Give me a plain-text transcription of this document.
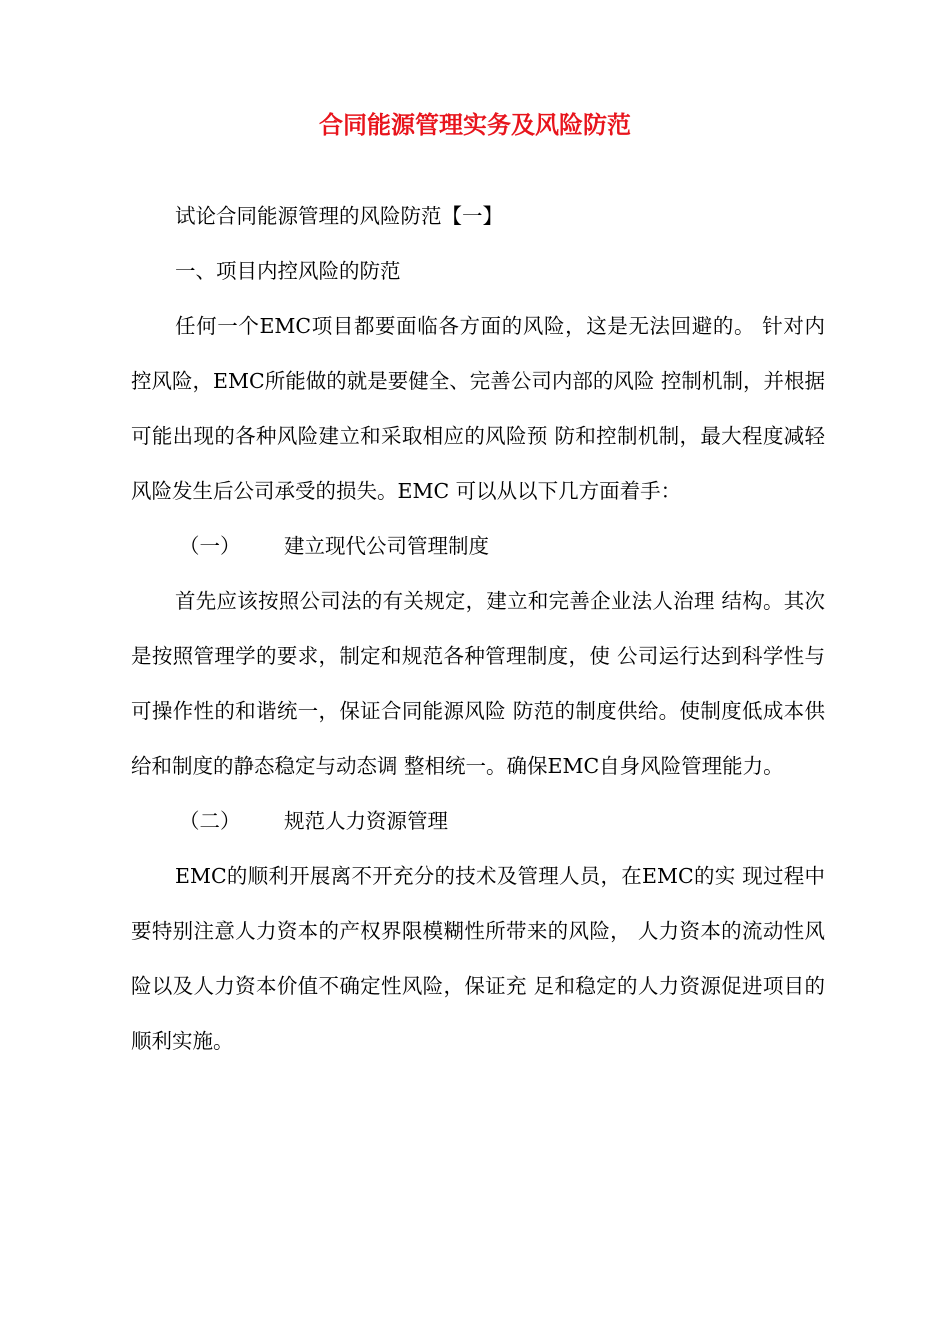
合同能源管理实务及风险防范

试论合同能源管理的风险防范【一】

一、项目内控风险的防范

任何一个EMC项目都要面临各方面的风险，这是无法回避的。 针对内控风险，EMC所能做的就是要健全、完善公司内部的风险 控制机制，并根据可能出现的各种风险建立和采取相应的风险预 防和控制机制，最大程度减轻风险发生后公司承受的损失。EMC 可以从以下几方面着手：

（一） 建立现代公司管理制度

首先应该按照公司法的有关规定，建立和完善企业法人治理 结构。其次是按照管理学的要求，制定和规范各种管理制度，使 公司运行达到科学性与可操作性的和谐统一，保证合同能源风险 防范的制度供给。使制度低成本供给和制度的静态稳定与动态调 整相统一。确保EMC自身风险管理能力。

（二） 规范人力资源管理

EMC的顺利开展离不开充分的技术及管理人员，在EMC的实 现过程中要特别注意人力资本的产权界限模糊性所带来的风险， 人力资本的流动性风险以及人力资本价值不确定性风险，保证充 足和稳定的人力资源促进项目的顺利实施。
